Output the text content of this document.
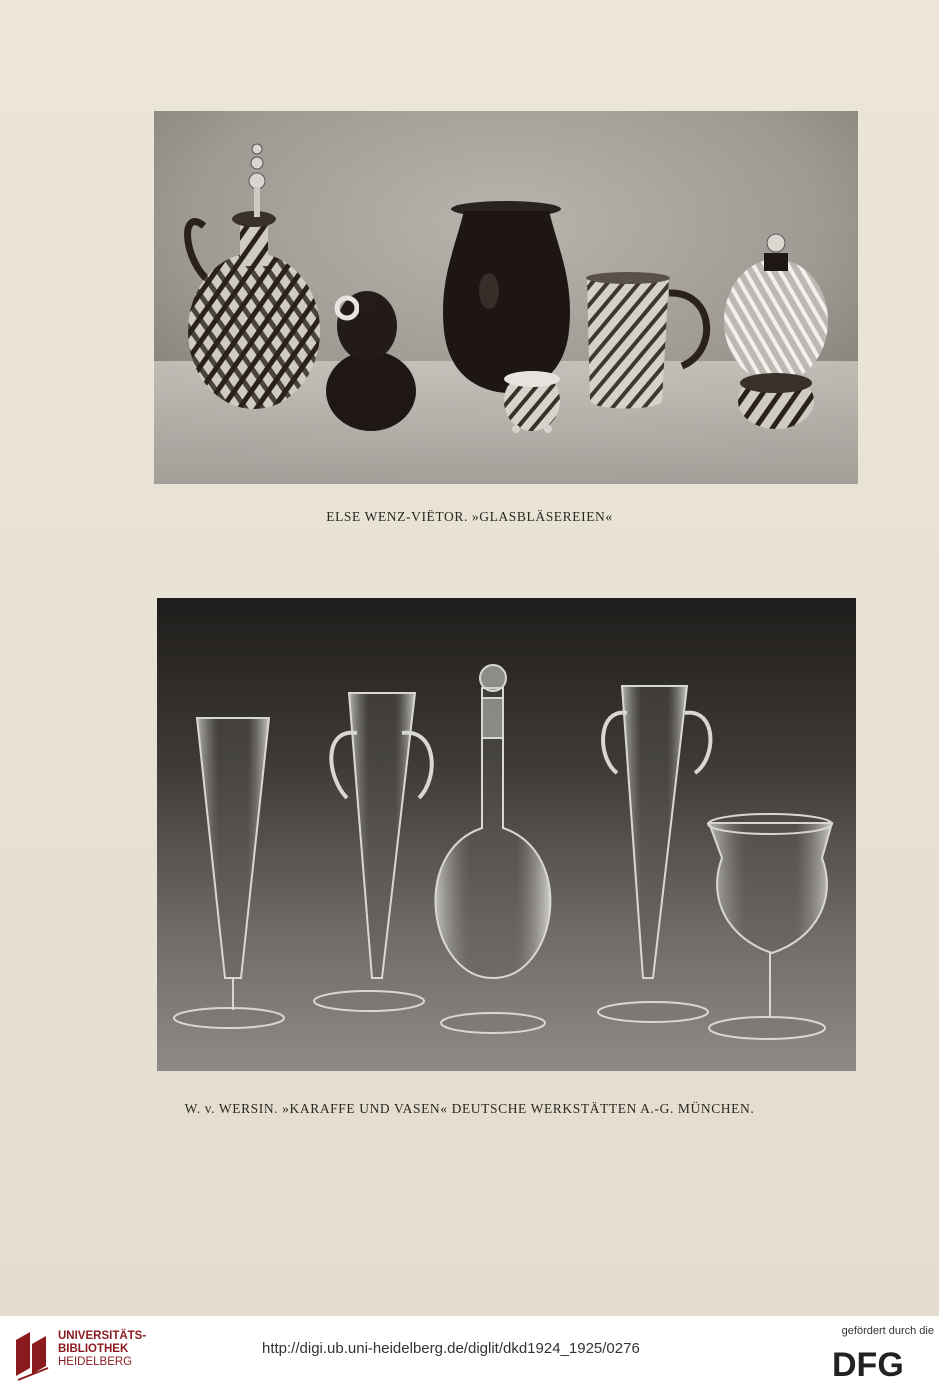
ELSE WENZ-VIËTOR. »GLASBLÄSEREIEN«
W. v. WERSIN. »KARAFFE UND VASEN« DEUTSCHE WERKSTÄTTEN A.-G. MÜNCHEN.
UNIVERSITÄTS-
BIBLIOTHEK
HEIDELBERG
http://digi.ub.uni-heidelberg.de/diglit/dkd1924_1925/0276
gefördert durch die
DFG
